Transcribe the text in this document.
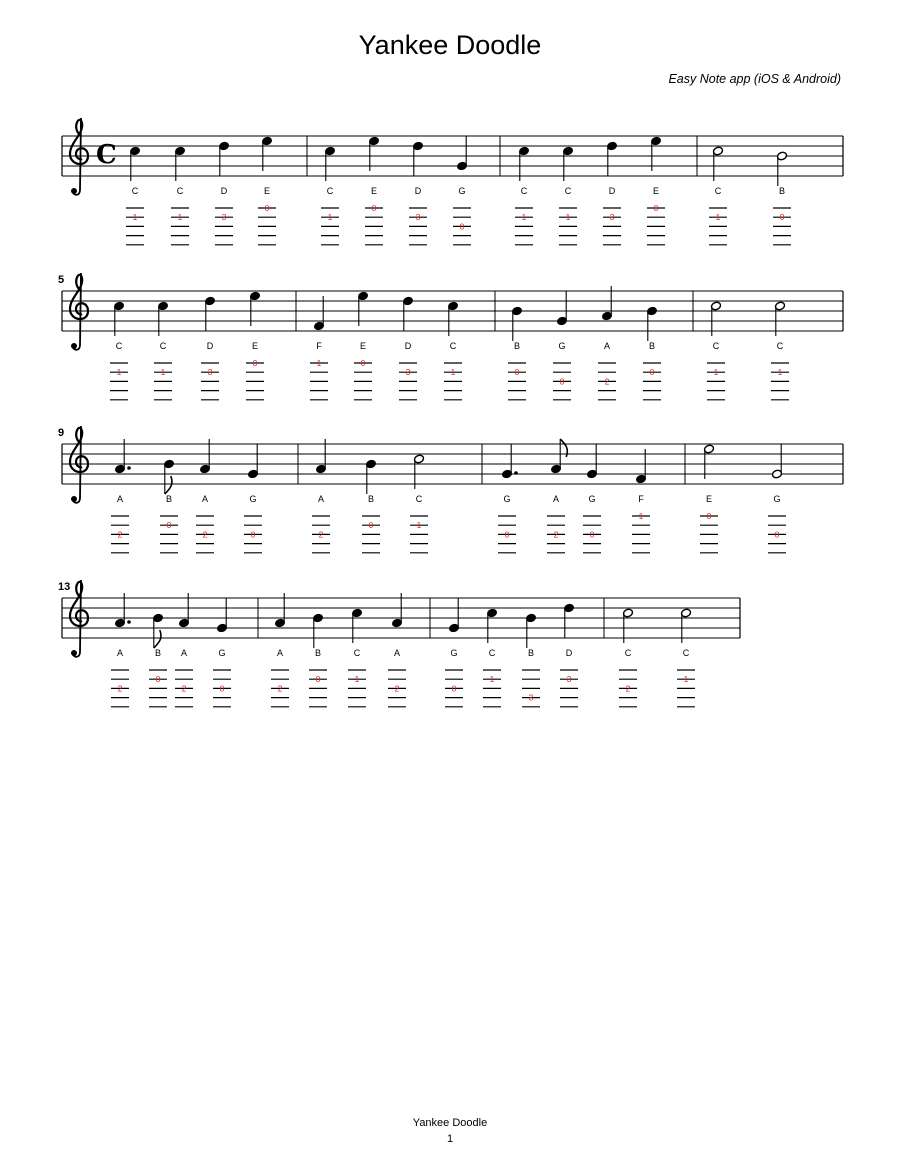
Yankee Doodle
Easy Note app (iOS & Android)
C
C
1
C
1
D
3
E
0
C
1
E
0
D
3
G
0
C
1
C
1
D
3
E
0
C
1
B
0
5
C
1
C
1
D
3
E
0
F
1
E
0
D
3
C
1
B
0
G
0
A
2
B
0
C
1
C
1
9
A
2
B
0
A
2
G
0
A
2
B
0
C
1
G
0
A
2
G
0
F
1
E
0
G
0
13
A
2
B
0
A
2
G
0
A
2
B
0
C
1
A
2
G
0
C
1
B
3
D
3
C
2
C
1
Yankee Doodle
1
